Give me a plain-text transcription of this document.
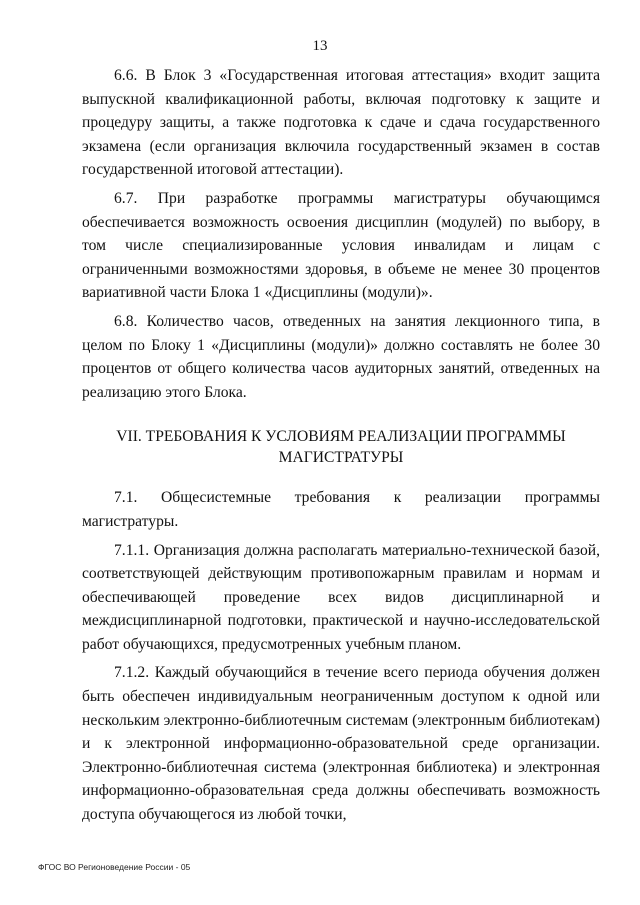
13

6.6. В Блок 3 «Государственная итоговая аттестация» входит защита выпускной квалификационной работы, включая подготовку к защите и процедуру защиты, а также подготовка к сдаче и сдача государственного экзамена (если организация включила государственный экзамен в состав государственной итоговой аттестации).

6.7. При разработке программы магистратуры обучающимся обеспечивается возможность освоения дисциплин (модулей) по выбору, в том числе специализированные условия инвалидам и лицам с ограниченными возможностями здоровья, в объеме не менее 30 процентов вариативной части Блока 1 «Дисциплины (модули)».

6.8. Количество часов, отведенных на занятия лекционного типа, в целом по Блоку 1 «Дисциплины (модули)» должно составлять не более 30 процентов от общего количества часов аудиторных занятий, отведенных на реализацию этого Блока.

VII. ТРЕБОВАНИЯ К УСЛОВИЯМ РЕАЛИЗАЦИИ ПРОГРАММЫ
МАГИСТРАТУРЫ

7.1. Общесистемные требования к реализации программы магистратуры.

7.1.1. Организация должна располагать материально-технической базой, соответствующей действующим противопожарным правилам и нормам и обеспечивающей проведение всех видов дисциплинарной и междисциплинарной подготовки, практической и научно-исследовательской работ обучающихся, предусмотренных учебным планом.

7.1.2. Каждый обучающийся в течение всего периода обучения должен быть обеспечен индивидуальным неограниченным доступом к одной или нескольким электронно-библиотечным системам (электронным библиотекам) и к электронной информационно-образовательной среде организации. Электронно-библиотечная система (электронная библиотека) и электронная информационно-образовательная среда должны обеспечивать возможность доступа обучающегося из любой точки,

ФГОС ВО Регионоведение России - 05
